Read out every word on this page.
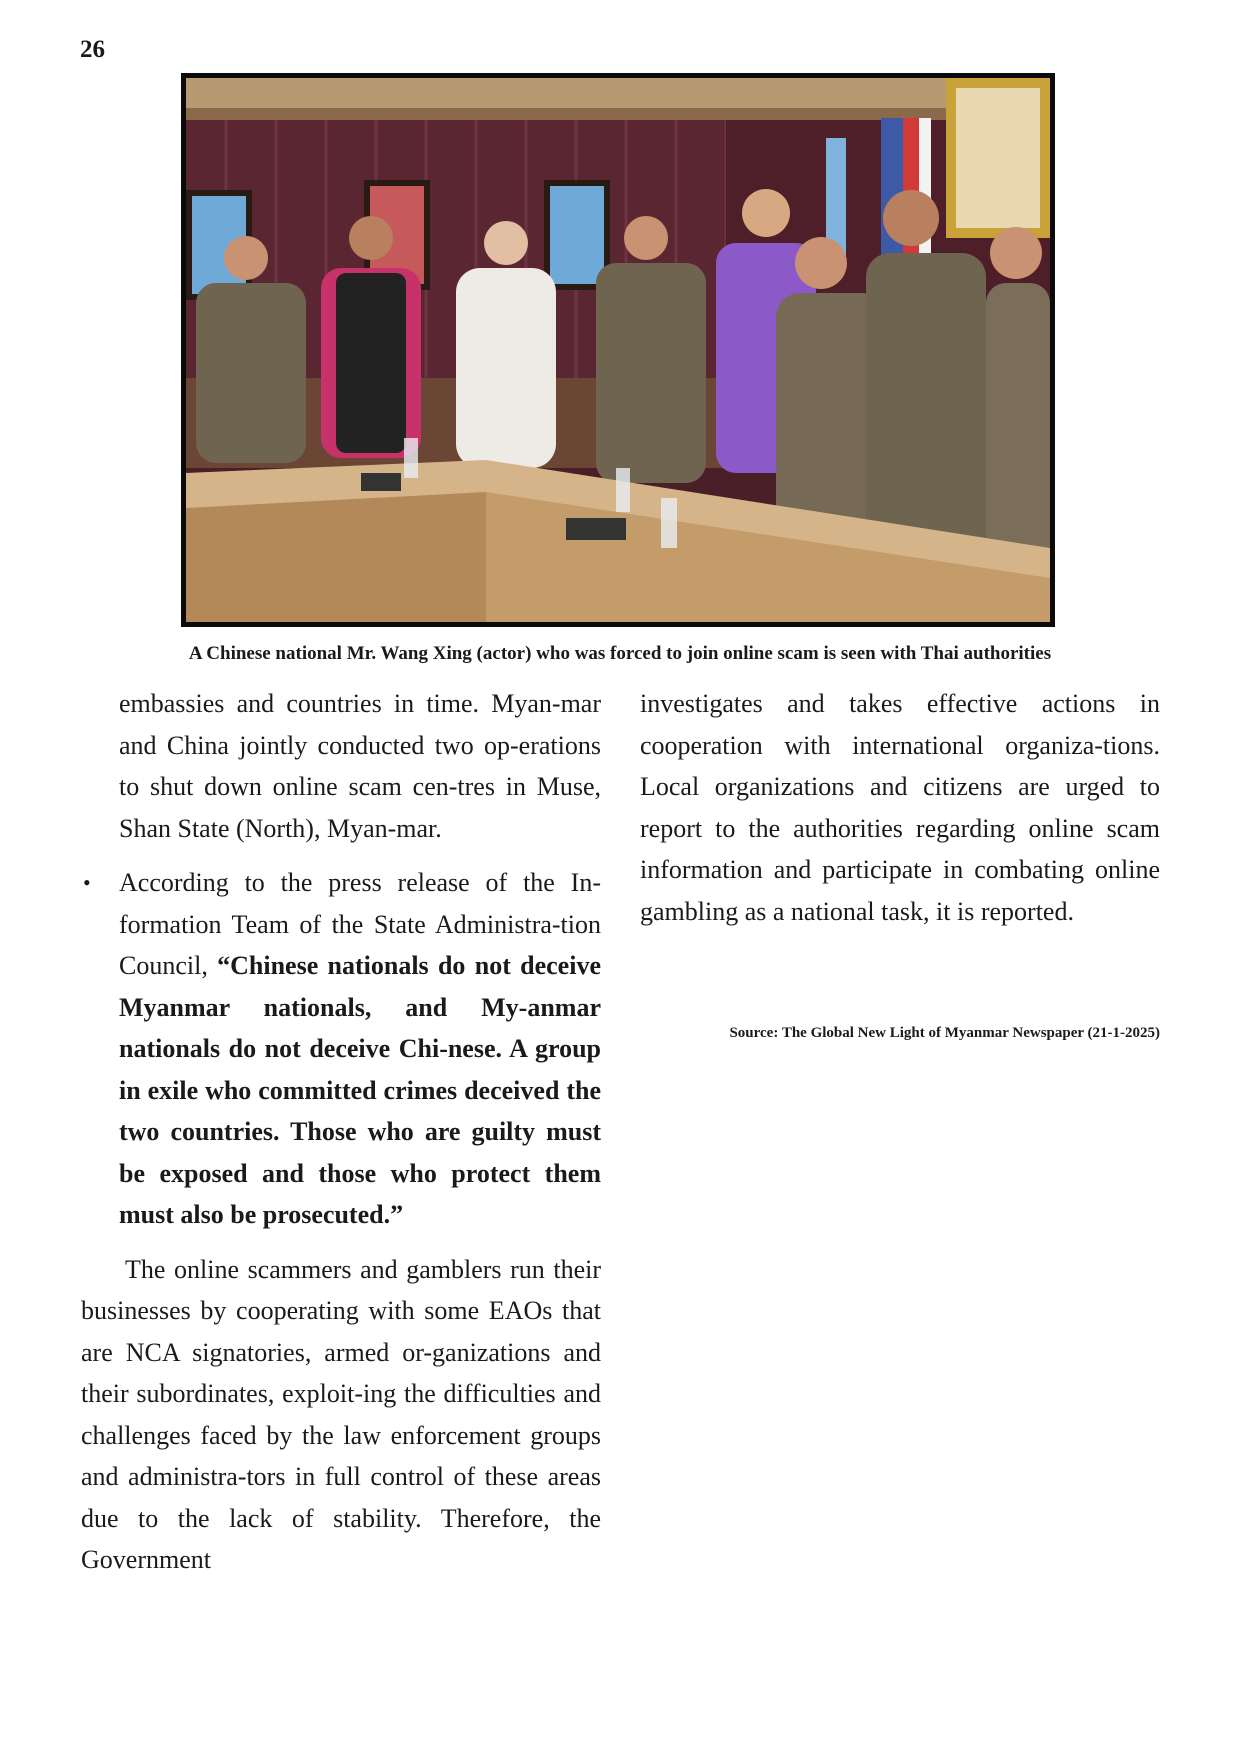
26
A Chinese national Mr. Wang Xing (actor) who was forced to join online scam is seen with Thai authorities

embassies and countries in time. Myan-mar and China jointly conducted two op-erations to shut down online scam cen-tres in Muse, Shan State (North), Myan-mar.

• According to the press release of the In-formation Team of the State Administra-tion Council, “Chinese nationals do not deceive Myanmar nationals, and My-anmar nationals do not deceive Chi-nese. A group in exile who committed crimes deceived the two countries. Those who are guilty must be exposed and those who protect them must also be prosecuted.”

The online scammers and gamblers run their businesses by cooperating with some EAOs that are NCA signatories, armed or-ganizations and their subordinates, exploit-ing the difficulties and challenges faced by the law enforcement groups and administra-tors in full control of these areas due to the lack of stability. Therefore, the Government

investigates and takes effective actions in cooperation with international organiza-tions. Local organizations and citizens are urged to report to the authorities regarding online scam information and participate in combating online gambling as a national task, it is reported.

Source: The Global New Light of Myanmar Newspaper (21-1-2025)
